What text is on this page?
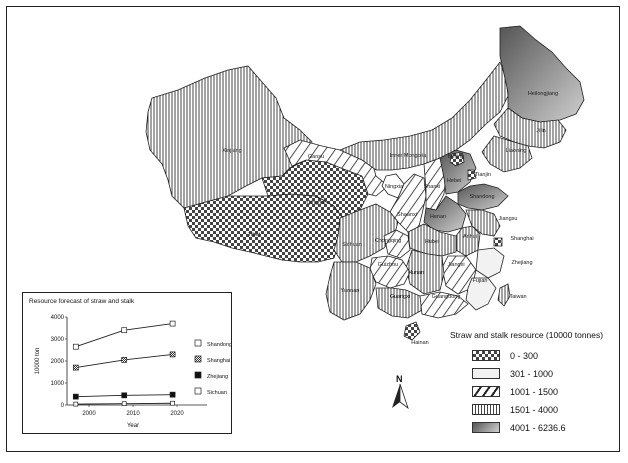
Heilongjiang
Xinjiang
Jilin
Liaoning
Inner Mongolia
Gansu
Qinghai
Tibet
Ningxia
Shaanxi
Shanxi
Beijing
Tianjin
Hebei
Shandong
Henan	Jiangsu
Anhui
Hubei
Sichuan
Chongqing	Shanghai
Zhejiang
Hunan
Jiangxi
Fujian
Guizhou
Yunnan
Guangxi	Guangdong	Taiwan
Hainan
N
Straw and stalk resource (10000 tonnes)
0 - 300
301 - 1000
1001 - 1500
1501 - 4000
4001 - 6236.6
Resource forecast of straw and stalk
0
1000
2000
3000
4000
2000	2010	2020
Year
10000 ton
Shandong
Shanghai
Zhejiang
Sichuan
